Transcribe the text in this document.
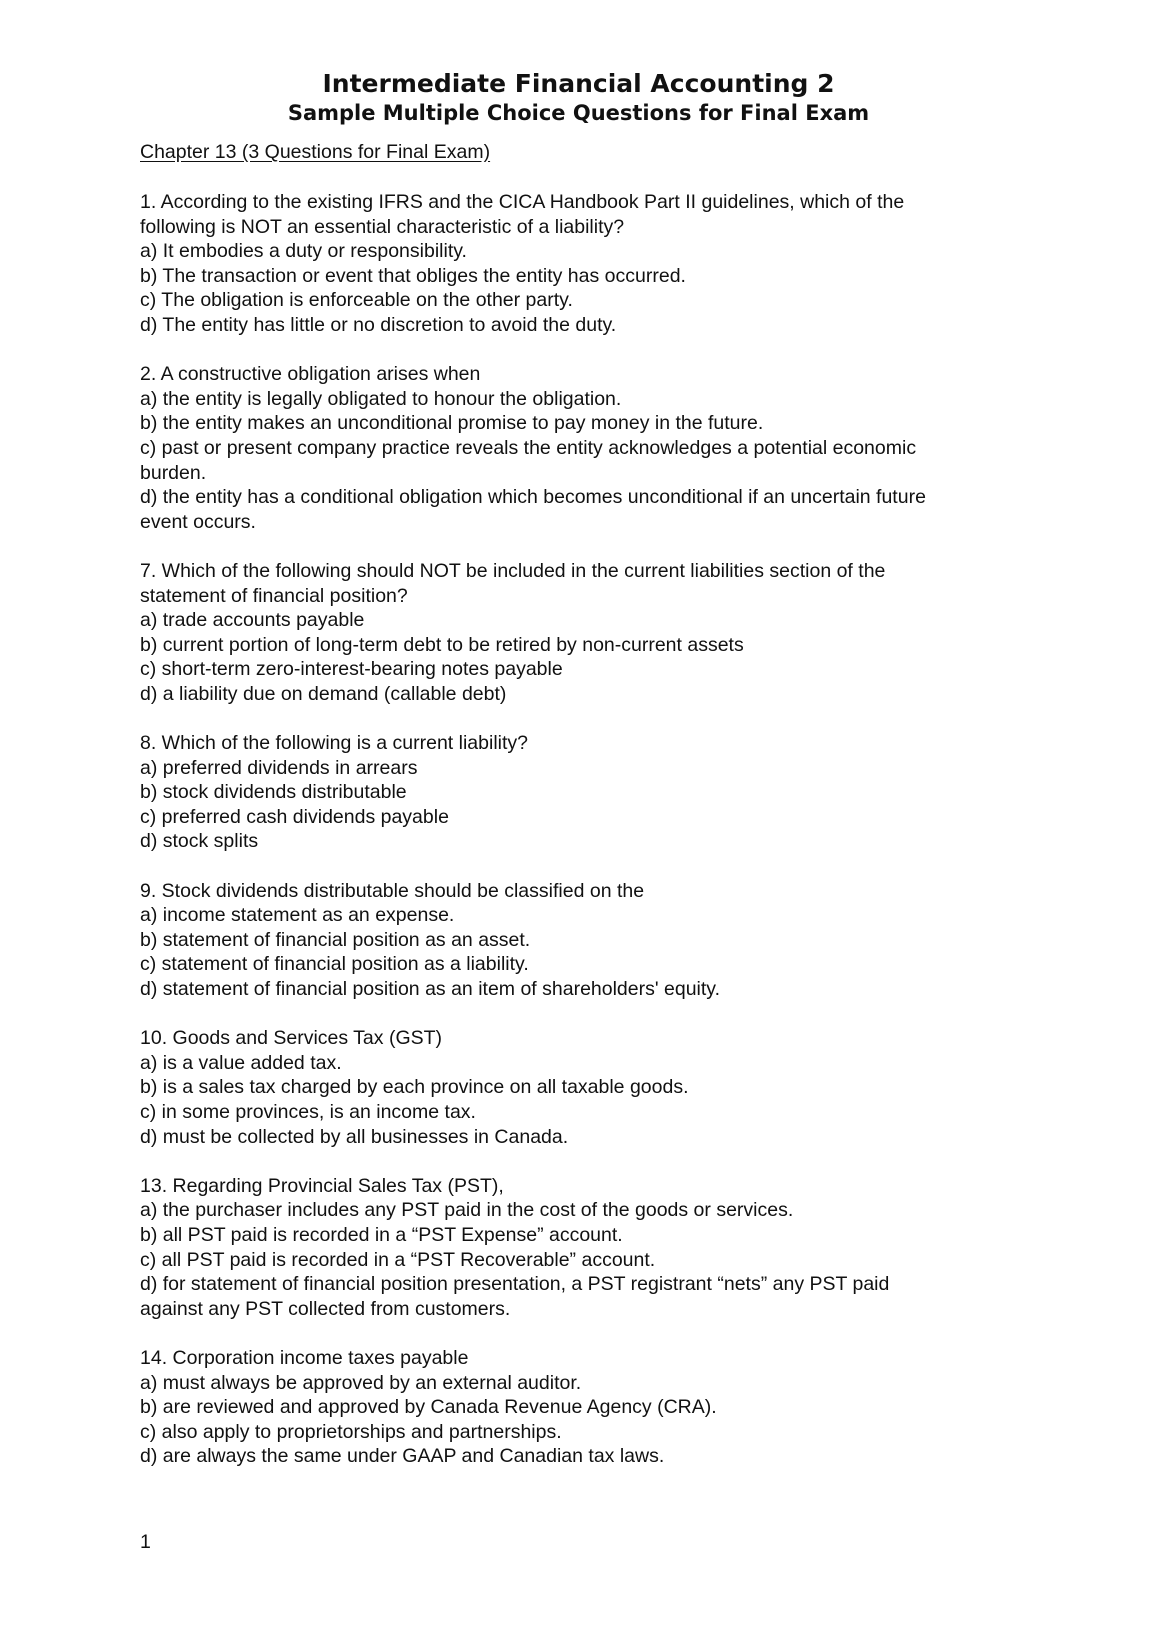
Intermediate Financial Accounting 2
Sample Multiple Choice Questions for Final Exam
Chapter 13 (3 Questions for Final Exam)
1. According to the existing IFRS and the CICA Handbook Part II guidelines, which of the
following is NOT an essential characteristic of a liability?
a) It embodies a duty or responsibility.
b) The transaction or event that obliges the entity has occurred.
c) The obligation is enforceable on the other party.
d) The entity has little or no discretion to avoid the duty.
2. A constructive obligation arises when
a) the entity is legally obligated to honour the obligation.
b) the entity makes an unconditional promise to pay money in the future.
c) past or present company practice reveals the entity acknowledges a potential economic
burden.
d) the entity has a conditional obligation which becomes unconditional if an uncertain future
event occurs.
7. Which of the following should NOT be included in the current liabilities section of the
statement of financial position?
a) trade accounts payable
b) current portion of long-term debt to be retired by non-current assets
c) short-term zero-interest-bearing notes payable
d) a liability due on demand (callable debt)
8. Which of the following is a current liability?
a) preferred dividends in arrears
b) stock dividends distributable
c) preferred cash dividends payable
d) stock splits
9. Stock dividends distributable should be classified on the
a) income statement as an expense.
b) statement of financial position as an asset.
c) statement of financial position as a liability.
d) statement of financial position as an item of shareholders' equity.
10. Goods and Services Tax (GST)
a) is a value added tax.
b) is a sales tax charged by each province on all taxable goods.
c) in some provinces, is an income tax.
d) must be collected by all businesses in Canada.
13. Regarding Provincial Sales Tax (PST),
a) the purchaser includes any PST paid in the cost of the goods or services.
b) all PST paid is recorded in a “PST Expense” account.
c) all PST paid is recorded in a “PST Recoverable” account.
d) for statement of financial position presentation, a PST registrant “nets” any PST paid
against any PST collected from customers.
14. Corporation income taxes payable
a) must always be approved by an external auditor.
b) are reviewed and approved by Canada Revenue Agency (CRA).
c) also apply to proprietorships and partnerships.
d) are always the same under GAAP and Canadian tax laws.
1
